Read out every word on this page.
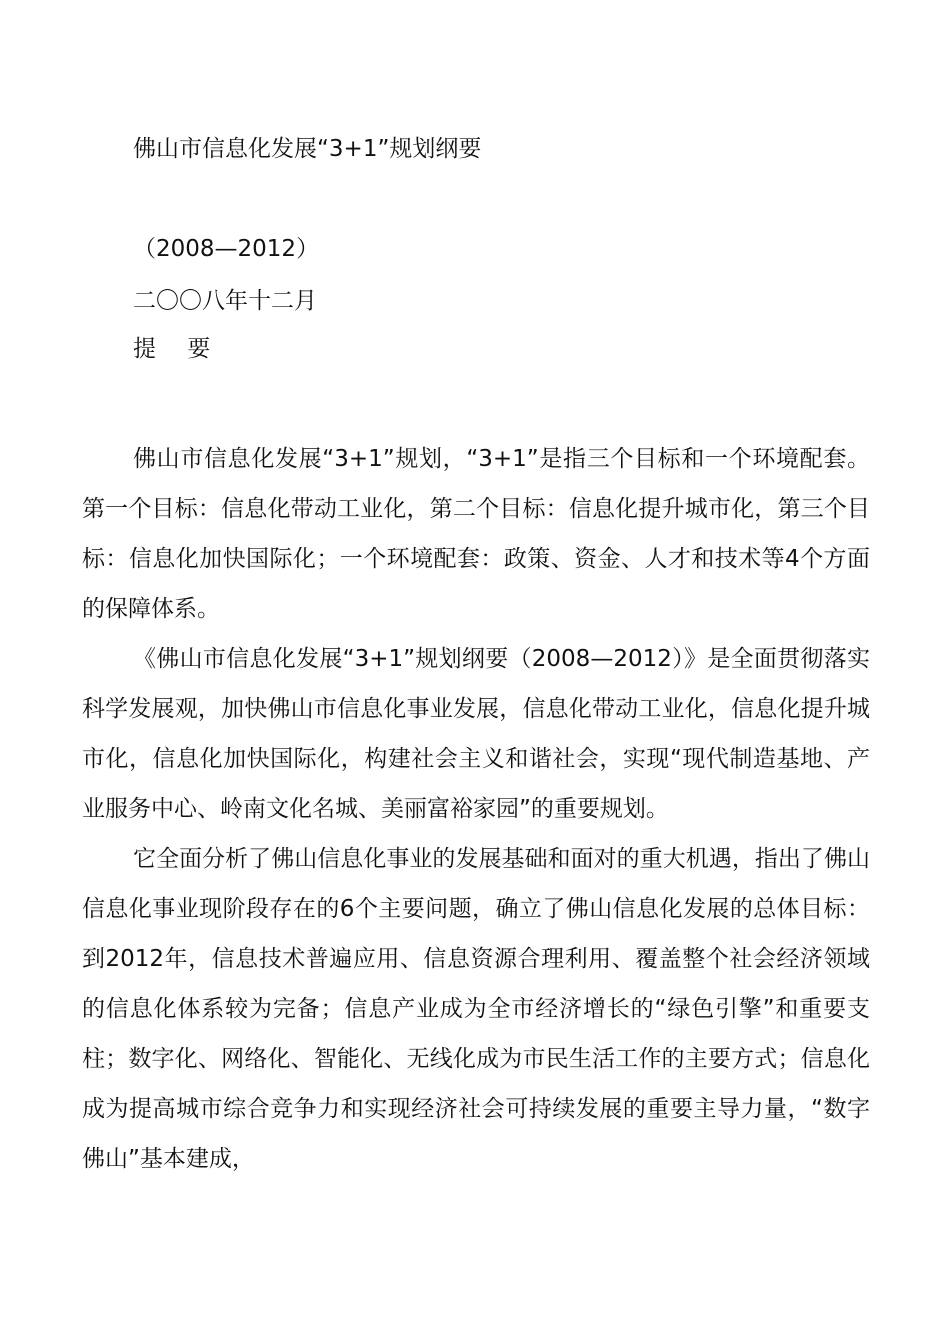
佛山市信息化发展“3+1”规划纲要
（2008—2012）
二〇〇八年十二月
提 要

佛山市信息化发展“3+1”规划，“3+1”是指三个目标和一个环境配套。第一个目标：信息化带动工业化，第二个目标：信息化提升城市化，第三个目标：信息化加快国际化；一个环境配套：政策、资金、人才和技术等4个方面的保障体系。

《佛山市信息化发展“3+1”规划纲要（2008—2012）》是全面贯彻落实科学发展观，加快佛山市信息化事业发展，信息化带动工业化，信息化提升城市化，信息化加快国际化，构建社会主义和谐社会，实现“现代制造基地、产业服务中心、岭南文化名城、美丽富裕家园”的重要规划。

它全面分析了佛山信息化事业的发展基础和面对的重大机遇，指出了佛山信息化事业现阶段存在的6个主要问题，确立了佛山信息化发展的总体目标：到2012年，信息技术普遍应用、信息资源合理利用、覆盖整个社会经济领域的信息化体系较为完备；信息产业成为全市经济增长的“绿色引擎”和重要支柱；数字化、网络化、智能化、无线化成为市民生活工作的主要方式；信息化成为提高城市综合竞争力和实现经济社会可持续发展的重要主导力量，“数字佛山”基本建成，
